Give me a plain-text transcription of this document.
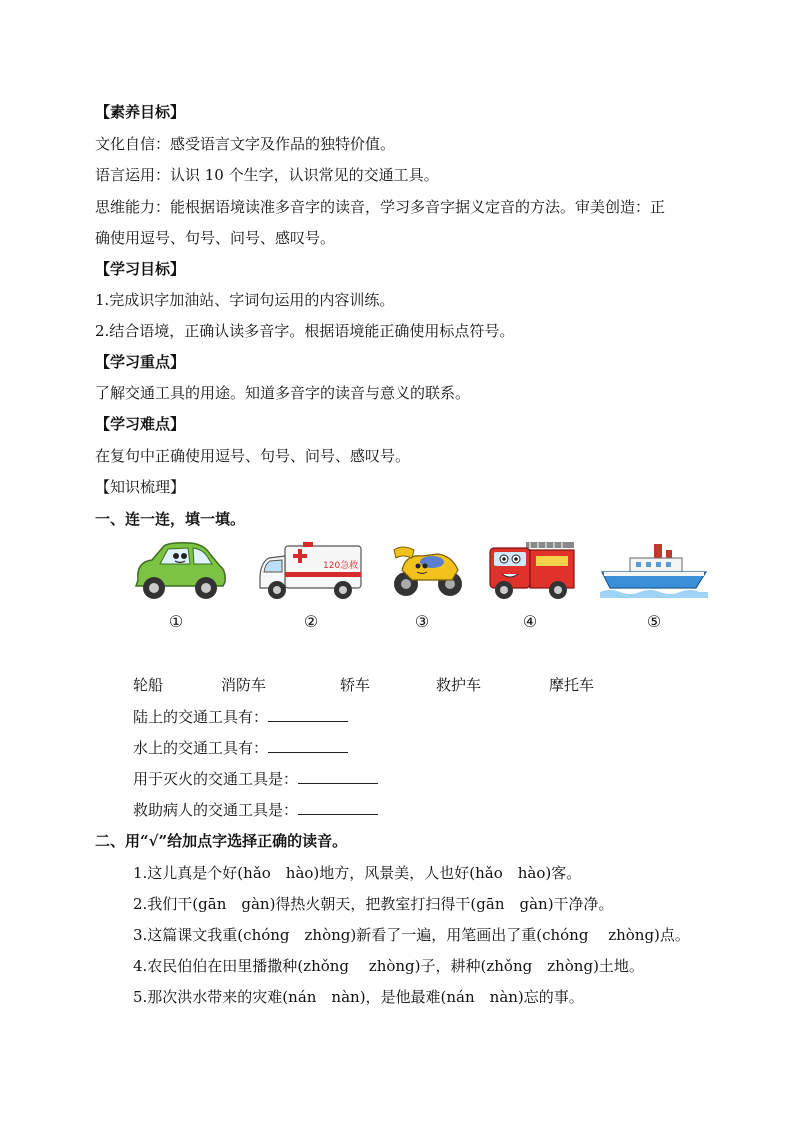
【素养目标】
文化自信：感受语言文字及作品的独特价值。
语言运用：认识 10 个生字，认识常见的交通工具。
思维能力：能根据语境读准多音字的读音，学习多音字据义定音的方法。审美创造：正
确使用逗号、句号、问号、感叹号。
【学习目标】
1.完成识字加油站、字词句运用的内容训练。
2.结合语境，正确认读多音字。根据语境能正确使用标点符号。
【学习重点】
了解交通工具的用途。知道多音字的读音与意义的联系。
【学习难点】
在复句中正确使用逗号、句号、问号、感叹号。
【知识梳理】
一、连一连，填一填。
120急救
①	②	③	④	⑤
轮船	消防车	轿车	救护车	摩托车
陆上的交通工具有：
水上的交通工具有：
用于灭火的交通工具是：
救助病人的交通工具是：
二、用“√”给加点字选择正确的读音。
1.这儿真是个好(hǎo　hào)地方，风景美，人也好(hǎo　hào)客。
2.我们干(gān　gàn)得热火朝天，把教室打扫得干(gān　gàn)干净净。
3.这篇课文我重(chóng　zhòng)新看了一遍，用笔画出了重(chóng　 zhòng)点。
4.农民伯伯在田里播撒种(zhǒng　 zhòng)子，耕种(zhǒng　zhòng)土地。
5.那次洪水带来的灾难(nán　nàn)，是他最难(nán　nàn)忘的事。
